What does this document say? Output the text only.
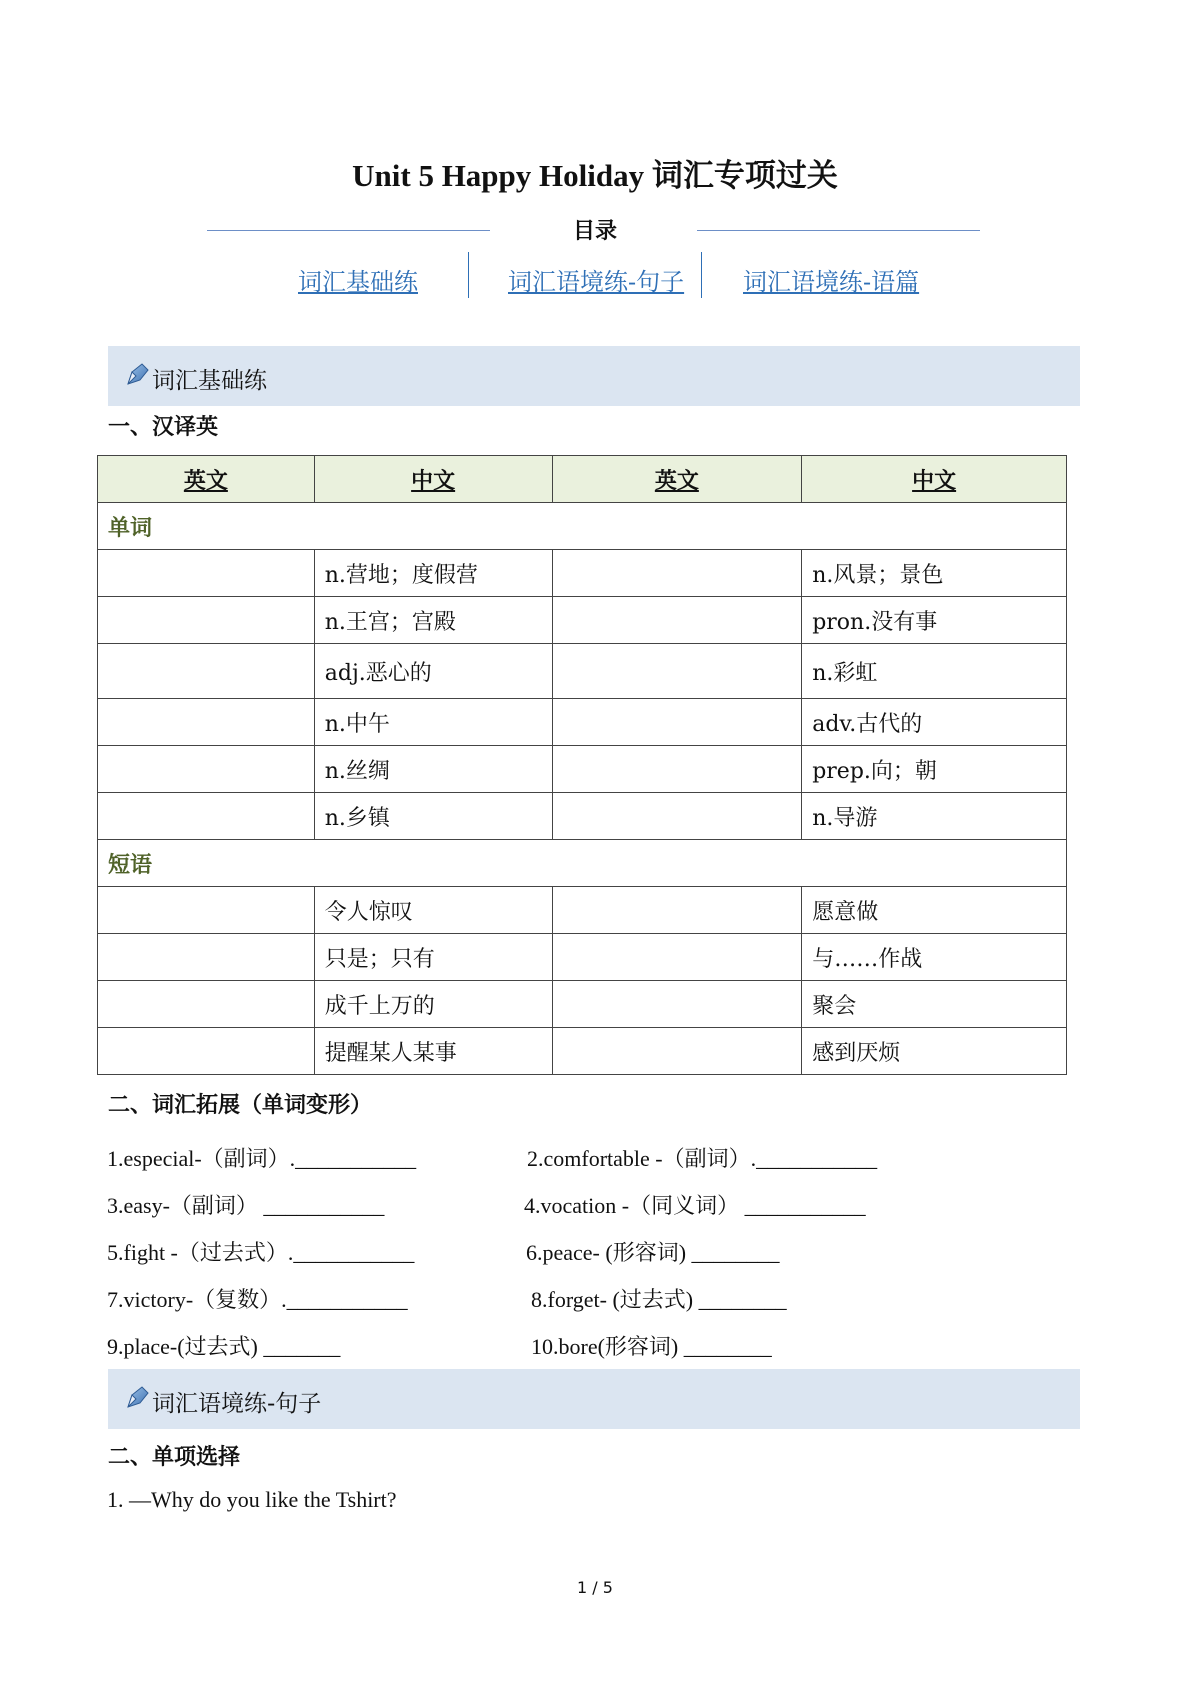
Unit 5 Happy Holiday 词汇专项过关
目录
词汇基础练	词汇语境练-句子 词汇语境练-语篇
词汇基础练
一、汉译英
英文	中文	英文	中文
单词			
	n.营地；度假营		n.风景；景色
	n.王宫；宫殿		pron.没有事
	adj.恶心的		n.彩虹
	n.中午		adv.古代的
	n.丝绸		prep.向；朝
	n.乡镇		n.导游
短语			
	令人惊叹		愿意做
	只是；只有		与……作战
	成千上万的		聚会
	提醒某人某事		感到厌烦
二、词汇拓展（单词变形）
1.especial-（副词）.___________	2.comfortable -（副词）.___________
3.easy-（副词） ___________	4.vocation -（同义词） ___________
5.fight -（过去式）.___________	6.peace- (形容词) ________
7.victory-（复数）.___________	8.forget- (过去式) ________
9.place-(过去式) _______	10.bore(形容词) ________
词汇语境练-句子
二、单项选择
1. —Why do you like the Tshirt?
1 / 5
